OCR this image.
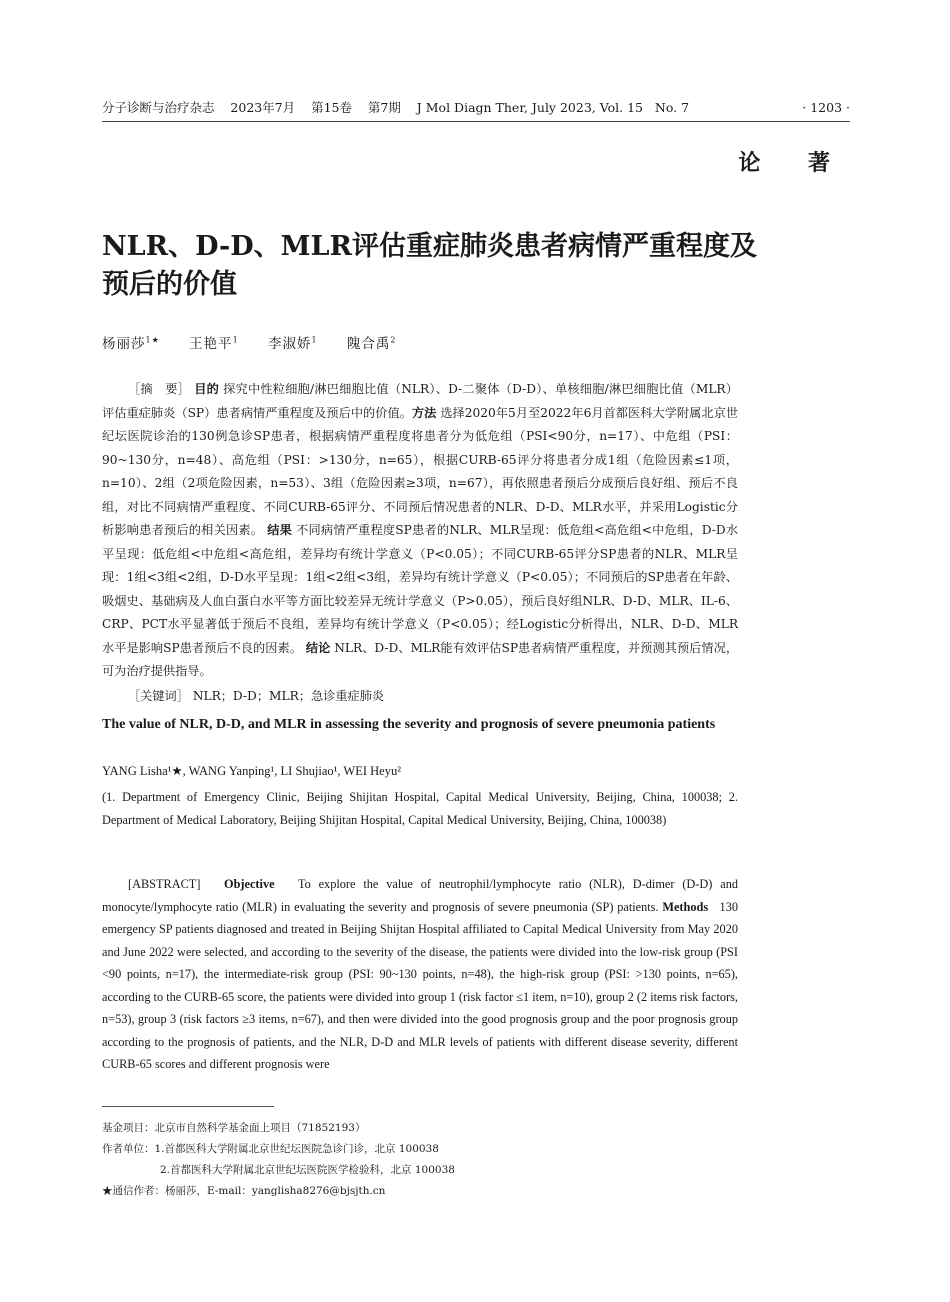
分子诊断与治疗杂志 2023年7月 第15卷 第7期 J Mol Diagn Ther, July 2023, Vol. 15   No. 7	· 1203 ·
论 著
NLR、D-D、MLR评估重症肺炎患者病情严重程度及预后的价值
杨丽莎$^{1★}$ 王艳平$^1$ 李淑娇$^1$ 隗合禹$^2$

［摘　要］ 目的 探究中性粒细胞/淋巴细胞比值（NLR）、D-二聚体（D-D）、单核细胞/淋巴细胞比值（MLR）评估重症肺炎（SP）患者病情严重程度及预后中的价值。方法 选择2020年5月至2022年6月首都医科大学附属北京世纪坛医院诊治的130例急诊SP患者，根据病情严重程度将患者分为低危组（PSI<90分，n=17）、中危组（PSI：90~130分，n=48）、高危组（PSI：>130分，n=65），根据CURB-65评分将患者分成1组（危险因素≤1项，n=10）、2组（2项危险因素，n=53）、3组（危险因素≥3项，n=67），再依照患者预后分成预后良好组、预后不良组，对比不同病情严重程度、不同CURB-65评分、不同预后情况患者的NLR、D-D、MLR水平，并采用Logistic分析影响患者预后的相关因素。 结果 不同病情严重程度SP患者的NLR、MLR呈现：低危组<高危组<中危组，D-D水平呈现：低危组<中危组<高危组，差异均有统计学意义（P<0.05）；不同CURB-65评分SP患者的NLR、MLR呈现：1组<3组<2组，D-D水平呈现：1组<2组<3组，差异均有统计学意义（P<0.05）；不同预后的SP患者在年龄、吸烟史、基础病及人血白蛋白水平等方面比较差异无统计学意义（P>0.05），预后良好组NLR、D-D、MLR、IL-6、CRP、PCT水平显著低于预后不良组，差异均有统计学意义（P<0.05）；经Logistic分析得出，NLR、D-D、MLR水平是影响SP患者预后不良的因素。 结论 NLR、D-D、MLR能有效评估SP患者病情严重程度，并预测其预后情况，可为治疗提供指导。

［关键词］ NLR；D-D；MLR；急诊重症肺炎

The value of NLR, D-D, and MLR in assessing the severity and prognosis of severe pneumonia patients
YANG Lisha¹★, WANG Yanping¹, LI Shujiao¹, WEI Heyu²
(1. Department of Emergency Clinic, Beijing Shijitan Hospital, Capital Medical University, Beijing, China, 100038; 2. Department of Medical Laboratory, Beijing Shijitan Hospital, Capital Medical University, Beijing, China, 100038)
[ABSTRACT] Objective To explore the value of neutrophil/lymphocyte ratio (NLR), D-dimer (D-D) and monocyte/lymphocyte ratio (MLR) in evaluating the severity and prognosis of severe pneumonia (SP) patients. Methods 130 emergency SP patients diagnosed and treated in Beijing Shijtan Hospital affiliated to Capital Medical University from May 2020 and June 2022 were selected, and according to the severity of the disease, the patients were divided into the low-risk group (PSI <90 points, n=17), the intermediate-risk group (PSI: 90~130 points, n=48), the high-risk group (PSI: >130 points, n=65), according to the CURB-65 score, the patients were divided into group 1 (risk factor ≤1 item, n=10), group 2 (2 items risk factors, n=53), group 3 (risk factors ≥3 items, n=67), and then were divided into the good prognosis group and the poor prognosis group according to the prognosis of patients, and the NLR, D-D and MLR levels of patients with different disease severity, different CURB-65 scores and different prognosis were
基金项目：北京市自然科学基金面上项目（71852193）
作者单位：1.首都医科大学附属北京世纪坛医院急诊门诊，北京 100038
2.首都医科大学附属北京世纪坛医院医学检验科，北京 100038
★通信作者：杨丽莎，E-mail：yanglisha8276@bjsjth.cn
